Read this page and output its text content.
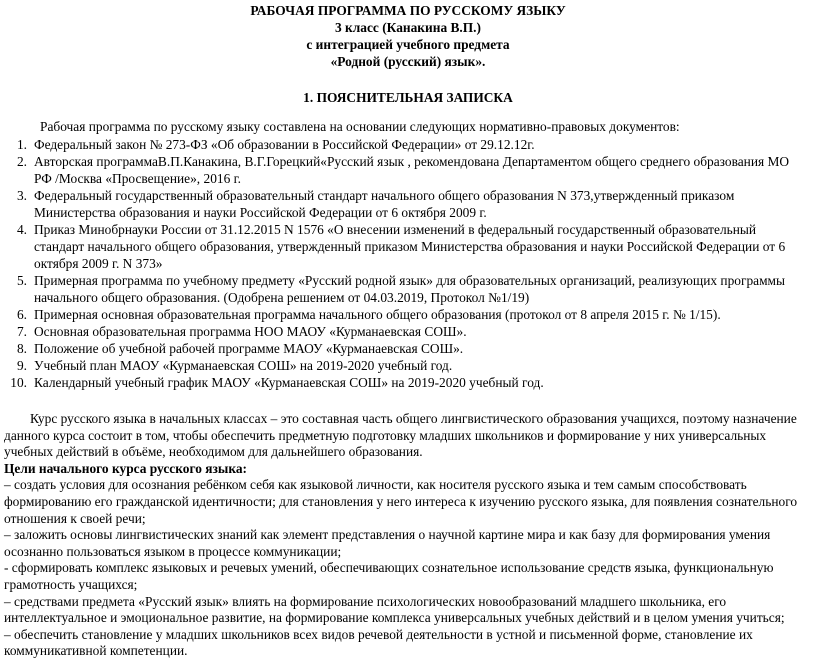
РАБОЧАЯ ПРОГРАММА ПО РУССКОМУ ЯЗЫКУ
3 класс (Канакина В.П.)
с интеграцией учебного предмета
«Родной (русский) язык».
1. ПОЯСНИТЕЛЬНАЯ ЗАПИСКА
Рабочая программа по русскому языку составлена на основании следующих нормативно-правовых документов:
1. Федеральный закон № 273-ФЗ «Об образовании в Российской Федерации» от 29.12.12г.
2. Авторская программаВ.П.Канакина, В.Г.Горецкий«Русский язык , рекомендована Департаментом общего среднего образования МО РФ /Москва «Просвещение», 2016 г.
3. Федеральный государственный образовательный стандарт начального общего образования N 373,утвержденный приказом Министерства образования и науки Российской Федерации от 6 октября 2009 г.
4. Приказ Минобрнауки России от 31.12.2015 N 1576 «О внесении изменений в федеральный государственный образовательный стандарт начального общего образования, утвержденный приказом Министерства образования и науки Российской Федерации от 6 октября 2009 г. N 373»
5. Примерная программа по учебному предмету «Русский родной язык» для образовательных организаций, реализующих программы начального общего образования. (Одобрена решением от 04.03.2019, Протокол №1/19)
6. Примерная основная образовательная программа начального общего образования (протокол от 8 апреля 2015 г. № 1/15).
7. Основная образовательная программа НОО МАОУ «Курманаевская СОШ».
8. Положение об учебной рабочей программе МАОУ «Курманаевская СОШ».
9. Учебный план МАОУ «Курманаевская СОШ» на 2019-2020 учебный год.
10. Календарный учебный график МАОУ «Курманаевская СОШ» на 2019-2020 учебный год.
Курс русского языка в начальных классах – это составная часть общего лингвистического образования учащихся, поэтому назначение данного курса состоит в том, чтобы обеспечить предметную подготовку младших школьников и формирование у них универсальных учебных действий в объёме, необходимом для дальнейшего образования.
Цели начального курса русского языка:
– создать условия для осознания ребёнком себя как языковой личности, как носителя русского языка и тем самым способствовать формированию его гражданской идентичности; для становления у него интереса к изучению русского языка, для появления сознательного отношения к своей речи;
– заложить основы лингвистических знаний как элемент представления о научной картине мира и как базу для формирования умения осознанно пользоваться языком в процессе коммуникации;
- сформировать комплекс языковых и речевых умений, обеспечивающих сознательное использование средств языка, функциональную грамотность учащихся;
– средствами предмета «Русский язык» влиять на формирование психологических новообразований младшего школьника, его интеллектуальное и эмоциональное развитие, на формирование комплекса универсальных учебных действий и в целом умения учиться;
– обеспечить становление у младших школьников всех видов речевой деятельности в устной и письменной форме, становление их коммуникативной компетенции.
